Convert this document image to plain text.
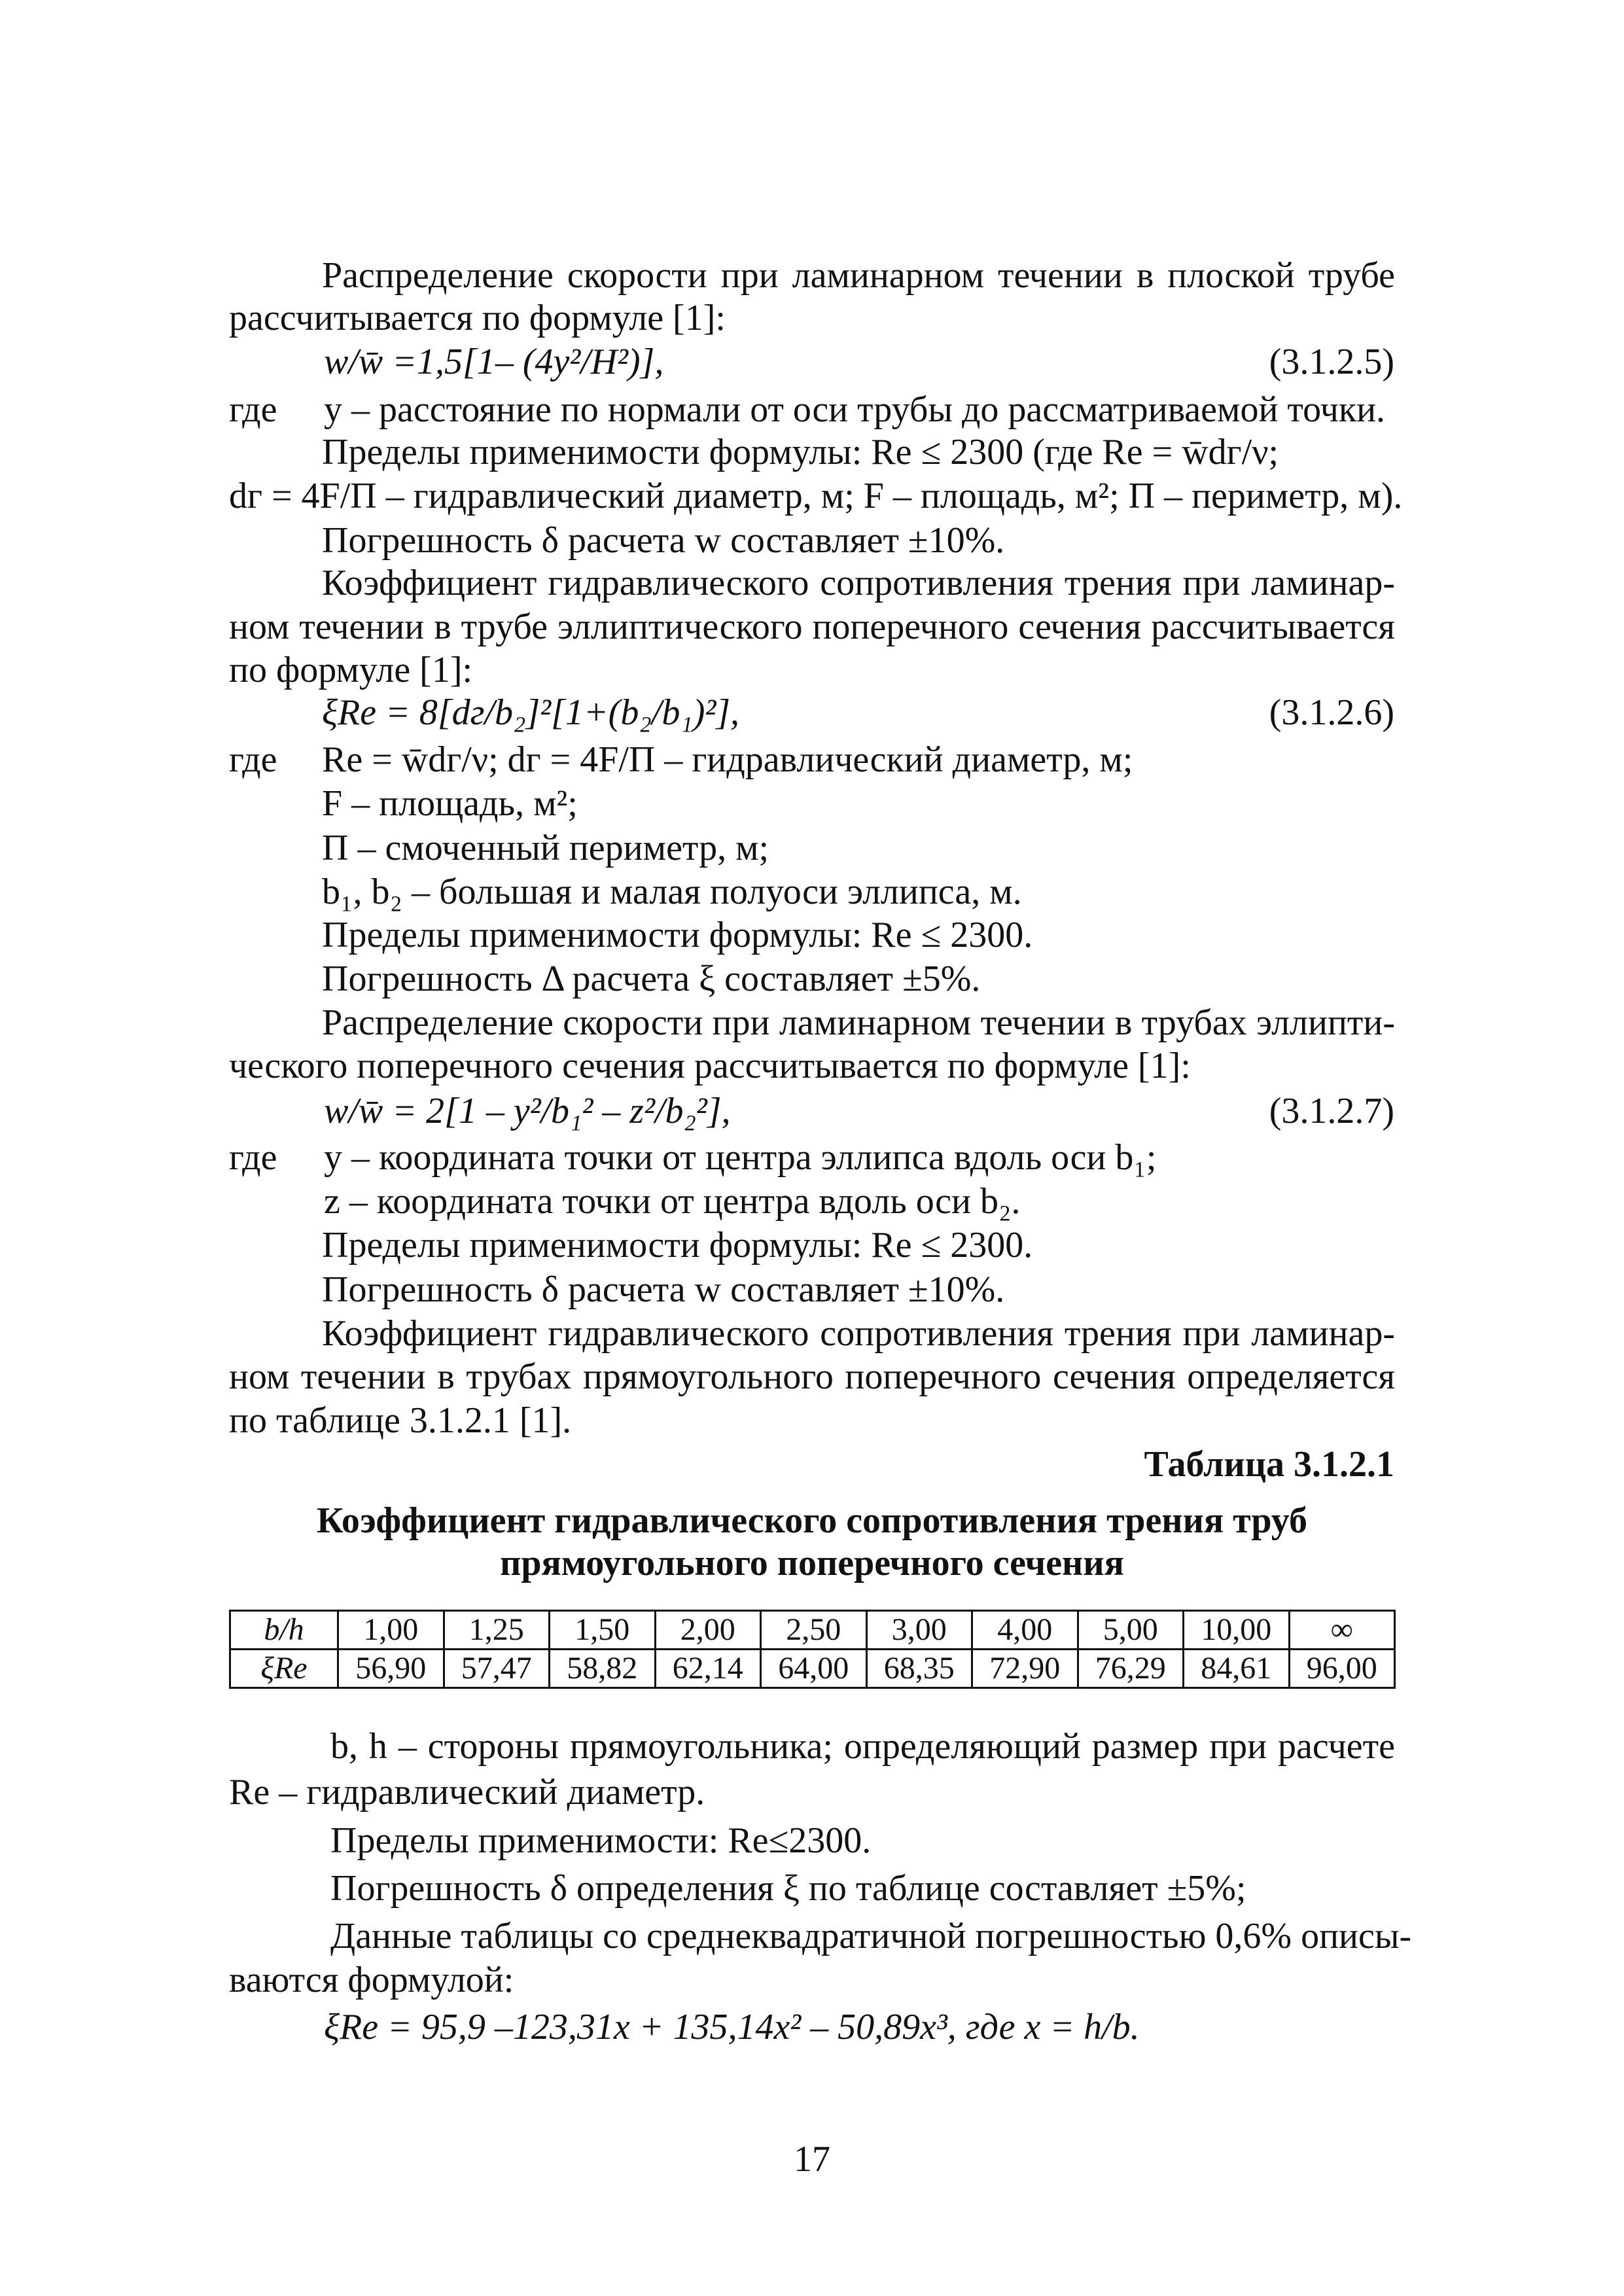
Распределение скорости при ламинарном течении в плоской трубе
рассчитывается по формуле [1]:
w/w̄ =1,5[1– (4y²/H²)],	(3.1.2.5)
где y – расстояние по нормали от оси трубы до рассматриваемой точки.
Пределы применимости формулы: Re ≤ 2300 (где Re = w̄dг/ν;
dг = 4F/П – гидравлический диаметр, м; F – площадь, м²; П – периметр, м).
Погрешность δ расчета w составляет ±10%.
Коэффициент гидравлического сопротивления трения при ламинар-
ном течении в трубе эллиптического поперечного сечения рассчитывается
по формуле [1]:
ξRe = 8[dг/b₂]²[1+(b₂/b₁)²],	(3.1.2.6)
где Re = w̄dг/ν; dг = 4F/П – гидравлический диаметр, м;
F – площадь, м²;
П – смоченный периметр, м;
b₁, b₂ – большая и малая полуоси эллипса, м.
Пределы применимости формулы: Re ≤ 2300.
Погрешность Δ расчета ξ составляет ±5%.
Распределение скорости при ламинарном течении в трубах эллипти-
ческого поперечного сечения рассчитывается по формуле [1]:
w/w̄ = 2[1 – y²/b₁² – z²/b₂²],	(3.1.2.7)
где y – координата точки от центра эллипса вдоль оси b₁;
z – координата точки от центра вдоль оси b₂.
Пределы применимости формулы: Re ≤ 2300.
Погрешность δ расчета w составляет ±10%.
Коэффициент гидравлического сопротивления трения при ламинар-
ном течении в трубах прямоугольного поперечного сечения определяется
по таблице 3.1.2.1 [1].
Таблица 3.1.2.1
Коэффициент гидравлического сопротивления трения труб
прямоугольного поперечного сечения
b/h	1,00	1,25	1,50	2,00	2,50	3,00	4,00	5,00	10,00	∞
ξRe	56,90	57,47	58,82	62,14	64,00	68,35	72,90	76,29	84,61	96,00
b, h – стороны прямоугольника; определяющий размер при расчете
Re – гидравлический диаметр.
Пределы применимости: Re≤2300.
Погрешность δ определения ξ по таблице составляет ±5%;
Данные таблицы со среднеквадратичной погрешностью 0,6% описы-
ваются формулой:
ξRe = 95,9 –123,31x + 135,14x² – 50,89x³, где x = h/b.
17
